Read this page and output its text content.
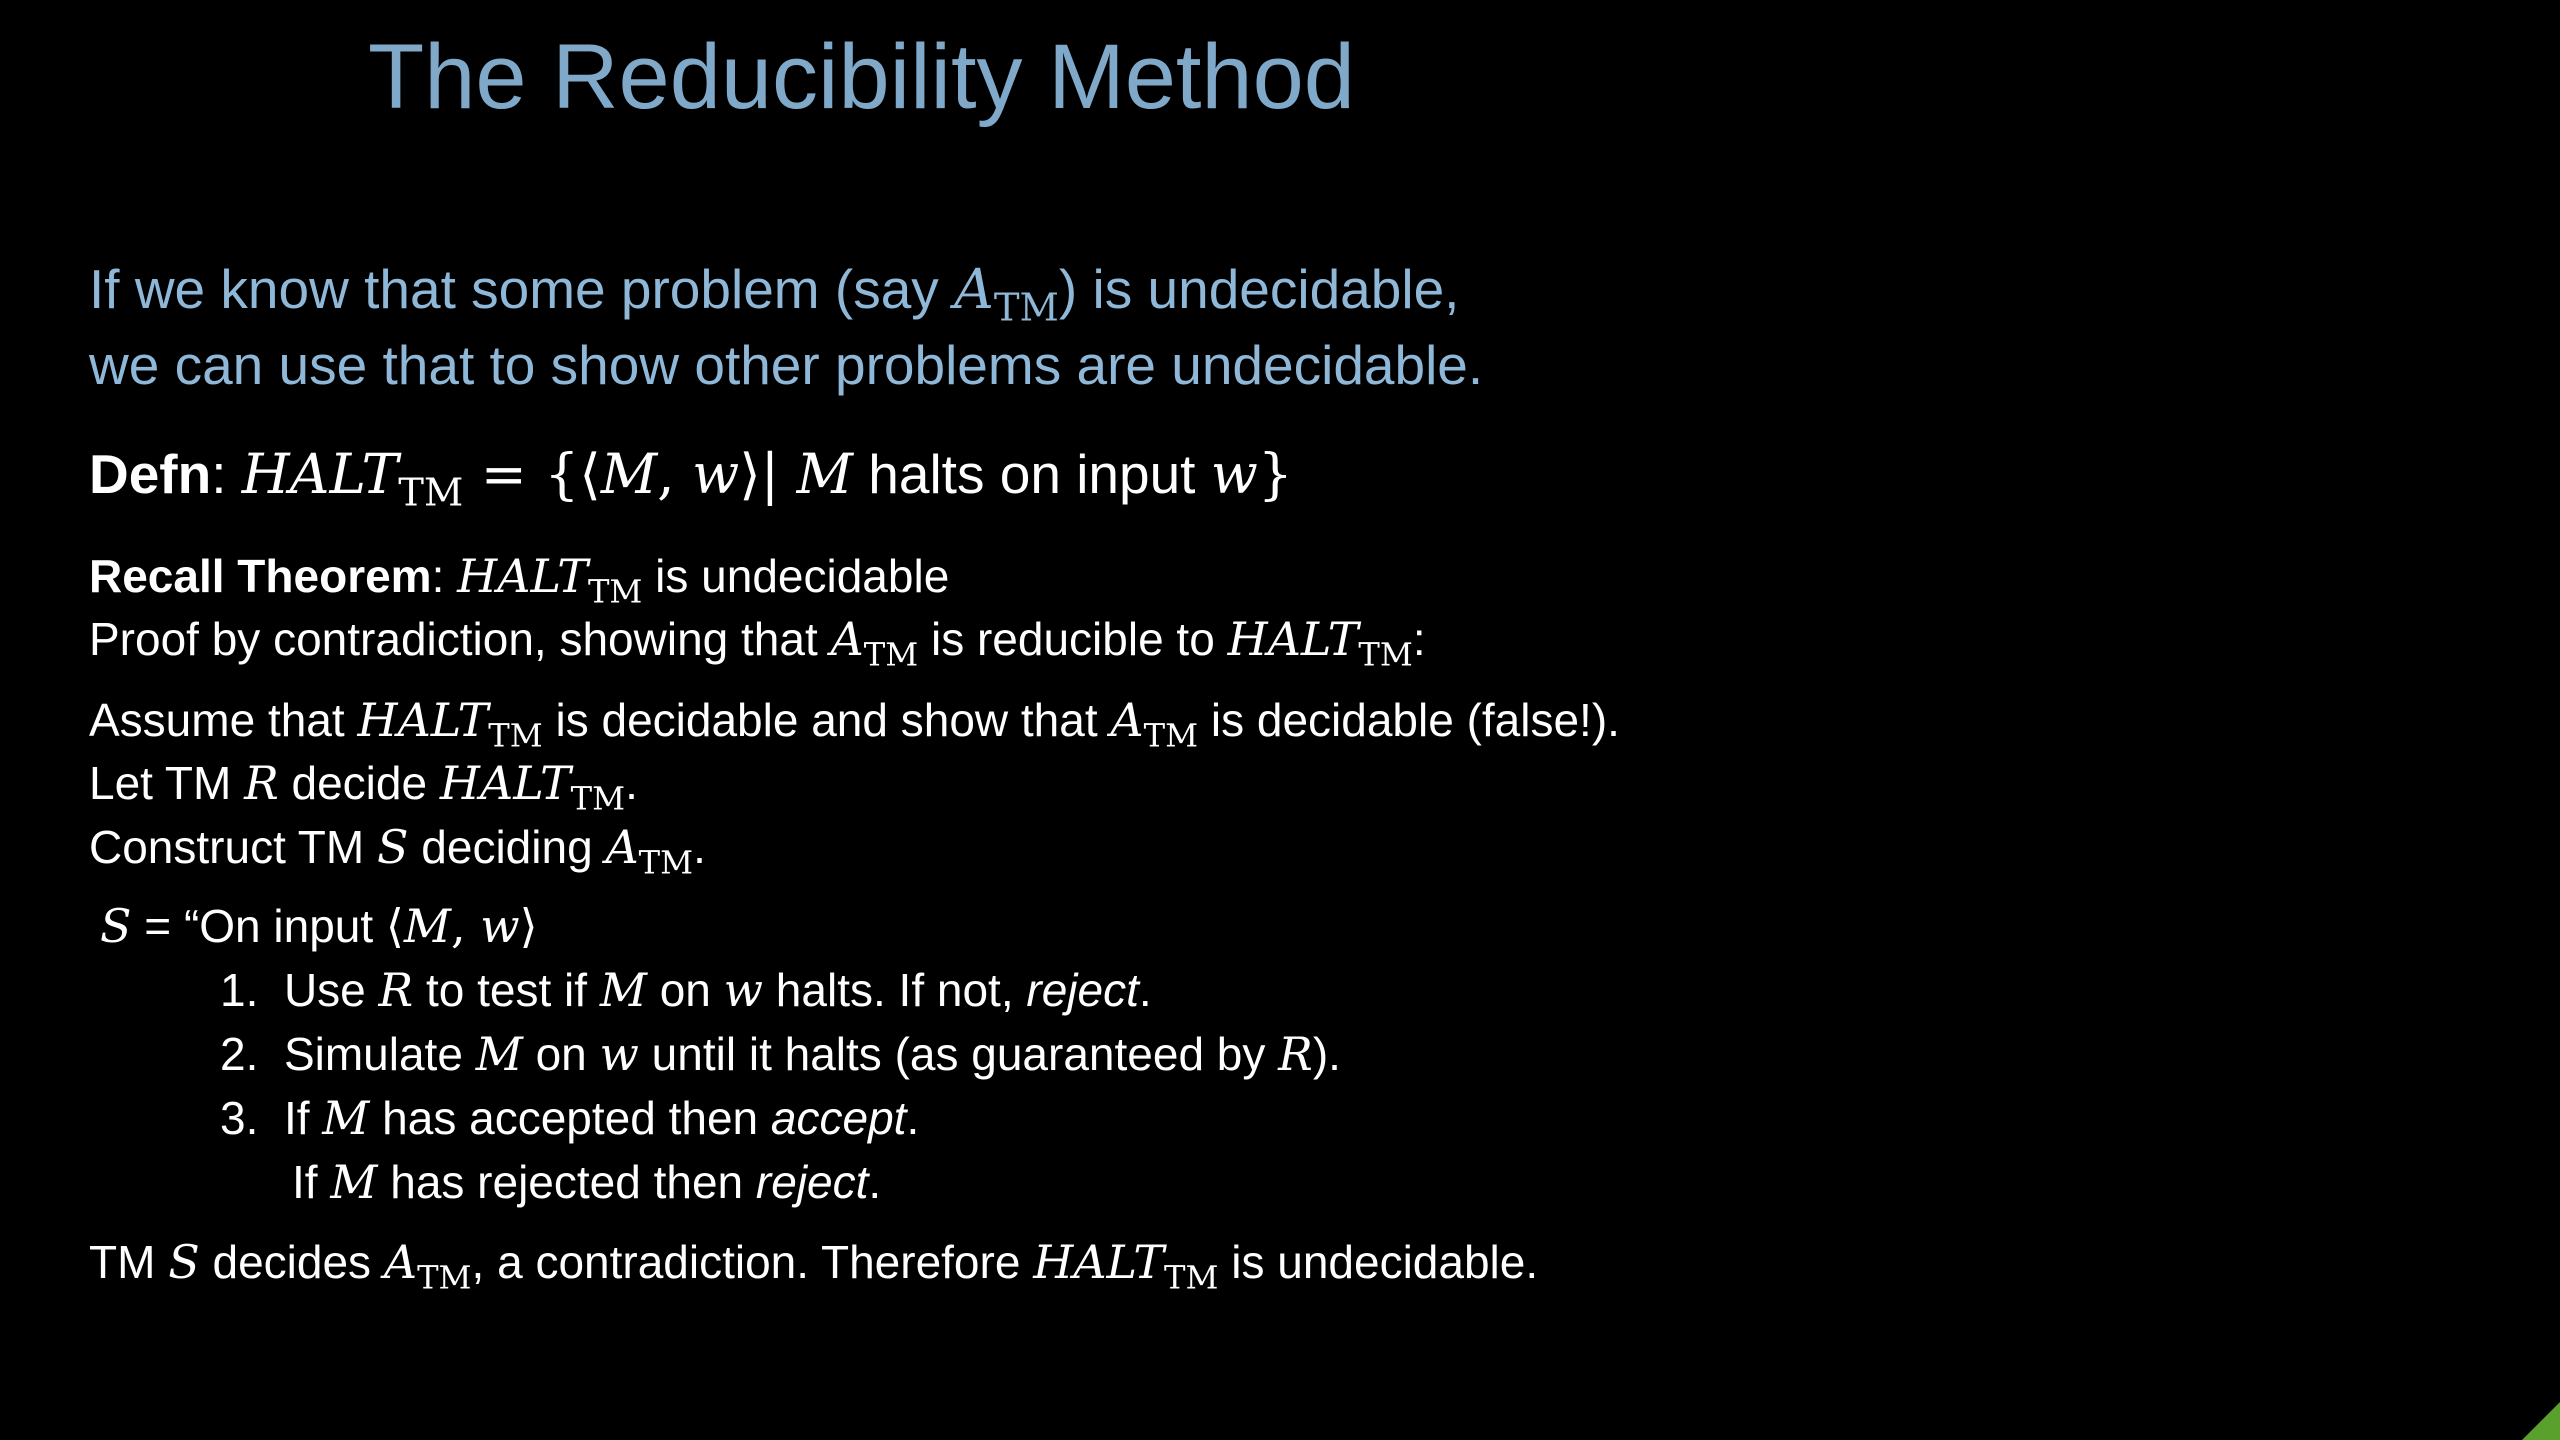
The Reducibility Method
If we know that some problem (say $A_{TM}$) is undecidable,
we can use that to show other problems are undecidable.
Defn: $HALT_{TM}$ = {⟨M, w⟩| M halts on input w}
Recall Theorem: $HALT_{TM}$ is undecidable
Proof by contradiction, showing that $A_{TM}$ is reducible to $HALT_{TM}$:
Assume that $HALT_{TM}$ is decidable and show that $A_{TM}$ is decidable (false!).
Let TM R decide $HALT_{TM}$.
Construct TM S deciding $A_{TM}$.
S = “On input ⟨M, w⟩
1. Use R to test if M on w halts. If not, reject.
2. Simulate M on w until it halts (as guaranteed by R).
3. If M has accepted then accept.
If M has rejected then reject.
TM S decides $A_{TM}$, a contradiction. Therefore $HALT_{TM}$ is undecidable.
